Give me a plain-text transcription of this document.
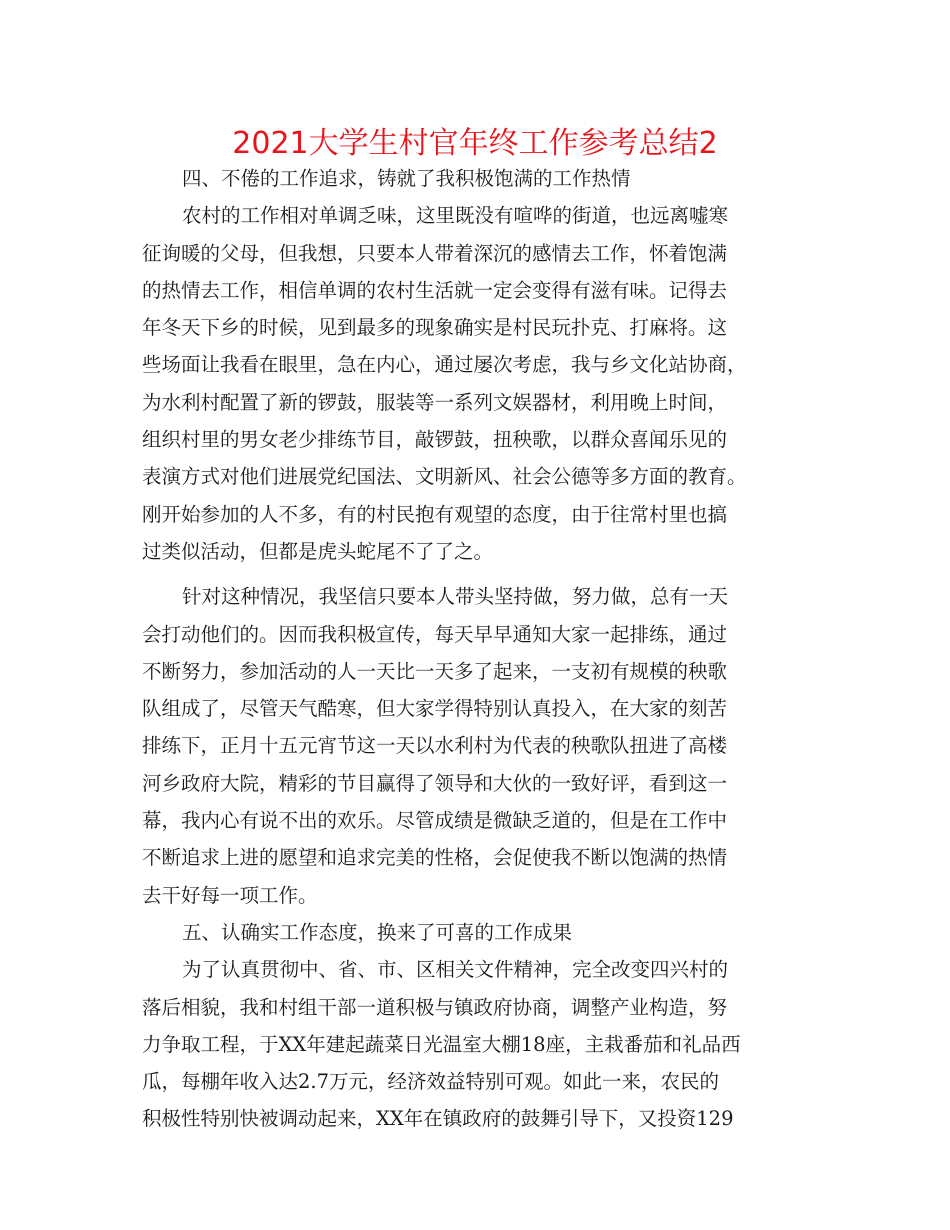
2021大学生村官年终工作参考总结2

四、不倦的工作追求，铸就了我积极饱满的工作热情

农村的工作相对单调乏味，这里既没有喧哗的街道，也远离嘘寒
征询暖的父母，但我想，只要本人带着深沉的感情去工作，怀着饱满
的热情去工作，相信单调的农村生活就一定会变得有滋有味。记得去
年冬天下乡的时候，见到最多的现象确实是村民玩扑克、打麻将。这
些场面让我看在眼里，急在内心，通过屡次考虑，我与乡文化站协商，
为水利村配置了新的锣鼓，服装等一系列文娱器材，利用晚上时间，
组织村里的男女老少排练节目，敲锣鼓，扭秧歌，以群众喜闻乐见的
表演方式对他们进展党纪国法、文明新风、社会公德等多方面的教育。
刚开始参加的人不多，有的村民抱有观望的态度，由于往常村里也搞
过类似活动，但都是虎头蛇尾不了了之。

针对这种情况，我坚信只要本人带头坚持做，努力做，总有一天
会打动他们的。因而我积极宣传，每天早早通知大家一起排练，通过
不断努力，参加活动的人一天比一天多了起来，一支初有规模的秧歌
队组成了，尽管天气酷寒，但大家学得特别认真投入，在大家的刻苦
排练下，正月十五元宵节这一天以水利村为代表的秧歌队扭进了高楼
河乡政府大院，精彩的节目赢得了领导和大伙的一致好评，看到这一
幕，我内心有说不出的欢乐。尽管成绩是微缺乏道的，但是在工作中
不断追求上进的愿望和追求完美的性格，会促使我不断以饱满的热情
去干好每一项工作。

五、认确实工作态度，换来了可喜的工作成果

为了认真贯彻中、省、市、区相关文件精神，完全改变四兴村的
落后相貌，我和村组干部一道积极与镇政府协商，调整产业构造，努
力争取工程，于XX年建起蔬菜日光温室大棚18座，主栽番茄和礼品西
瓜，每棚年收入达2.7万元，经济效益特别可观。如此一来，农民的
积极性特别快被调动起来，XX年在镇政府的鼓舞引导下，又投资129
